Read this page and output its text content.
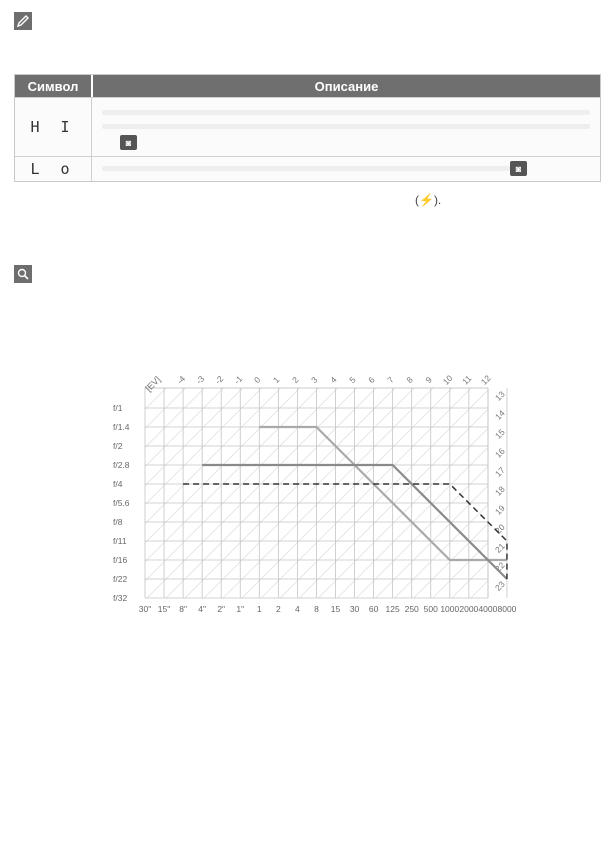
Символ	Описание
H I
◙
L o	◙
(⚡).
f/1
f/1.4
f/2
f/2.8
f/4
f/5.6
f/8
f/11
f/16
f/22
f/32
30" 15" 8" 4" 2" 1" 1 2 4 8 15 30 60 125 250 500 1000 2000 4000 8000
-4 -3 -2 -1 0 1 2 3 4 5 6 7 8 9 10 11 12
[EV]
13
14
15
16
17
18
19
20
21
22
23
